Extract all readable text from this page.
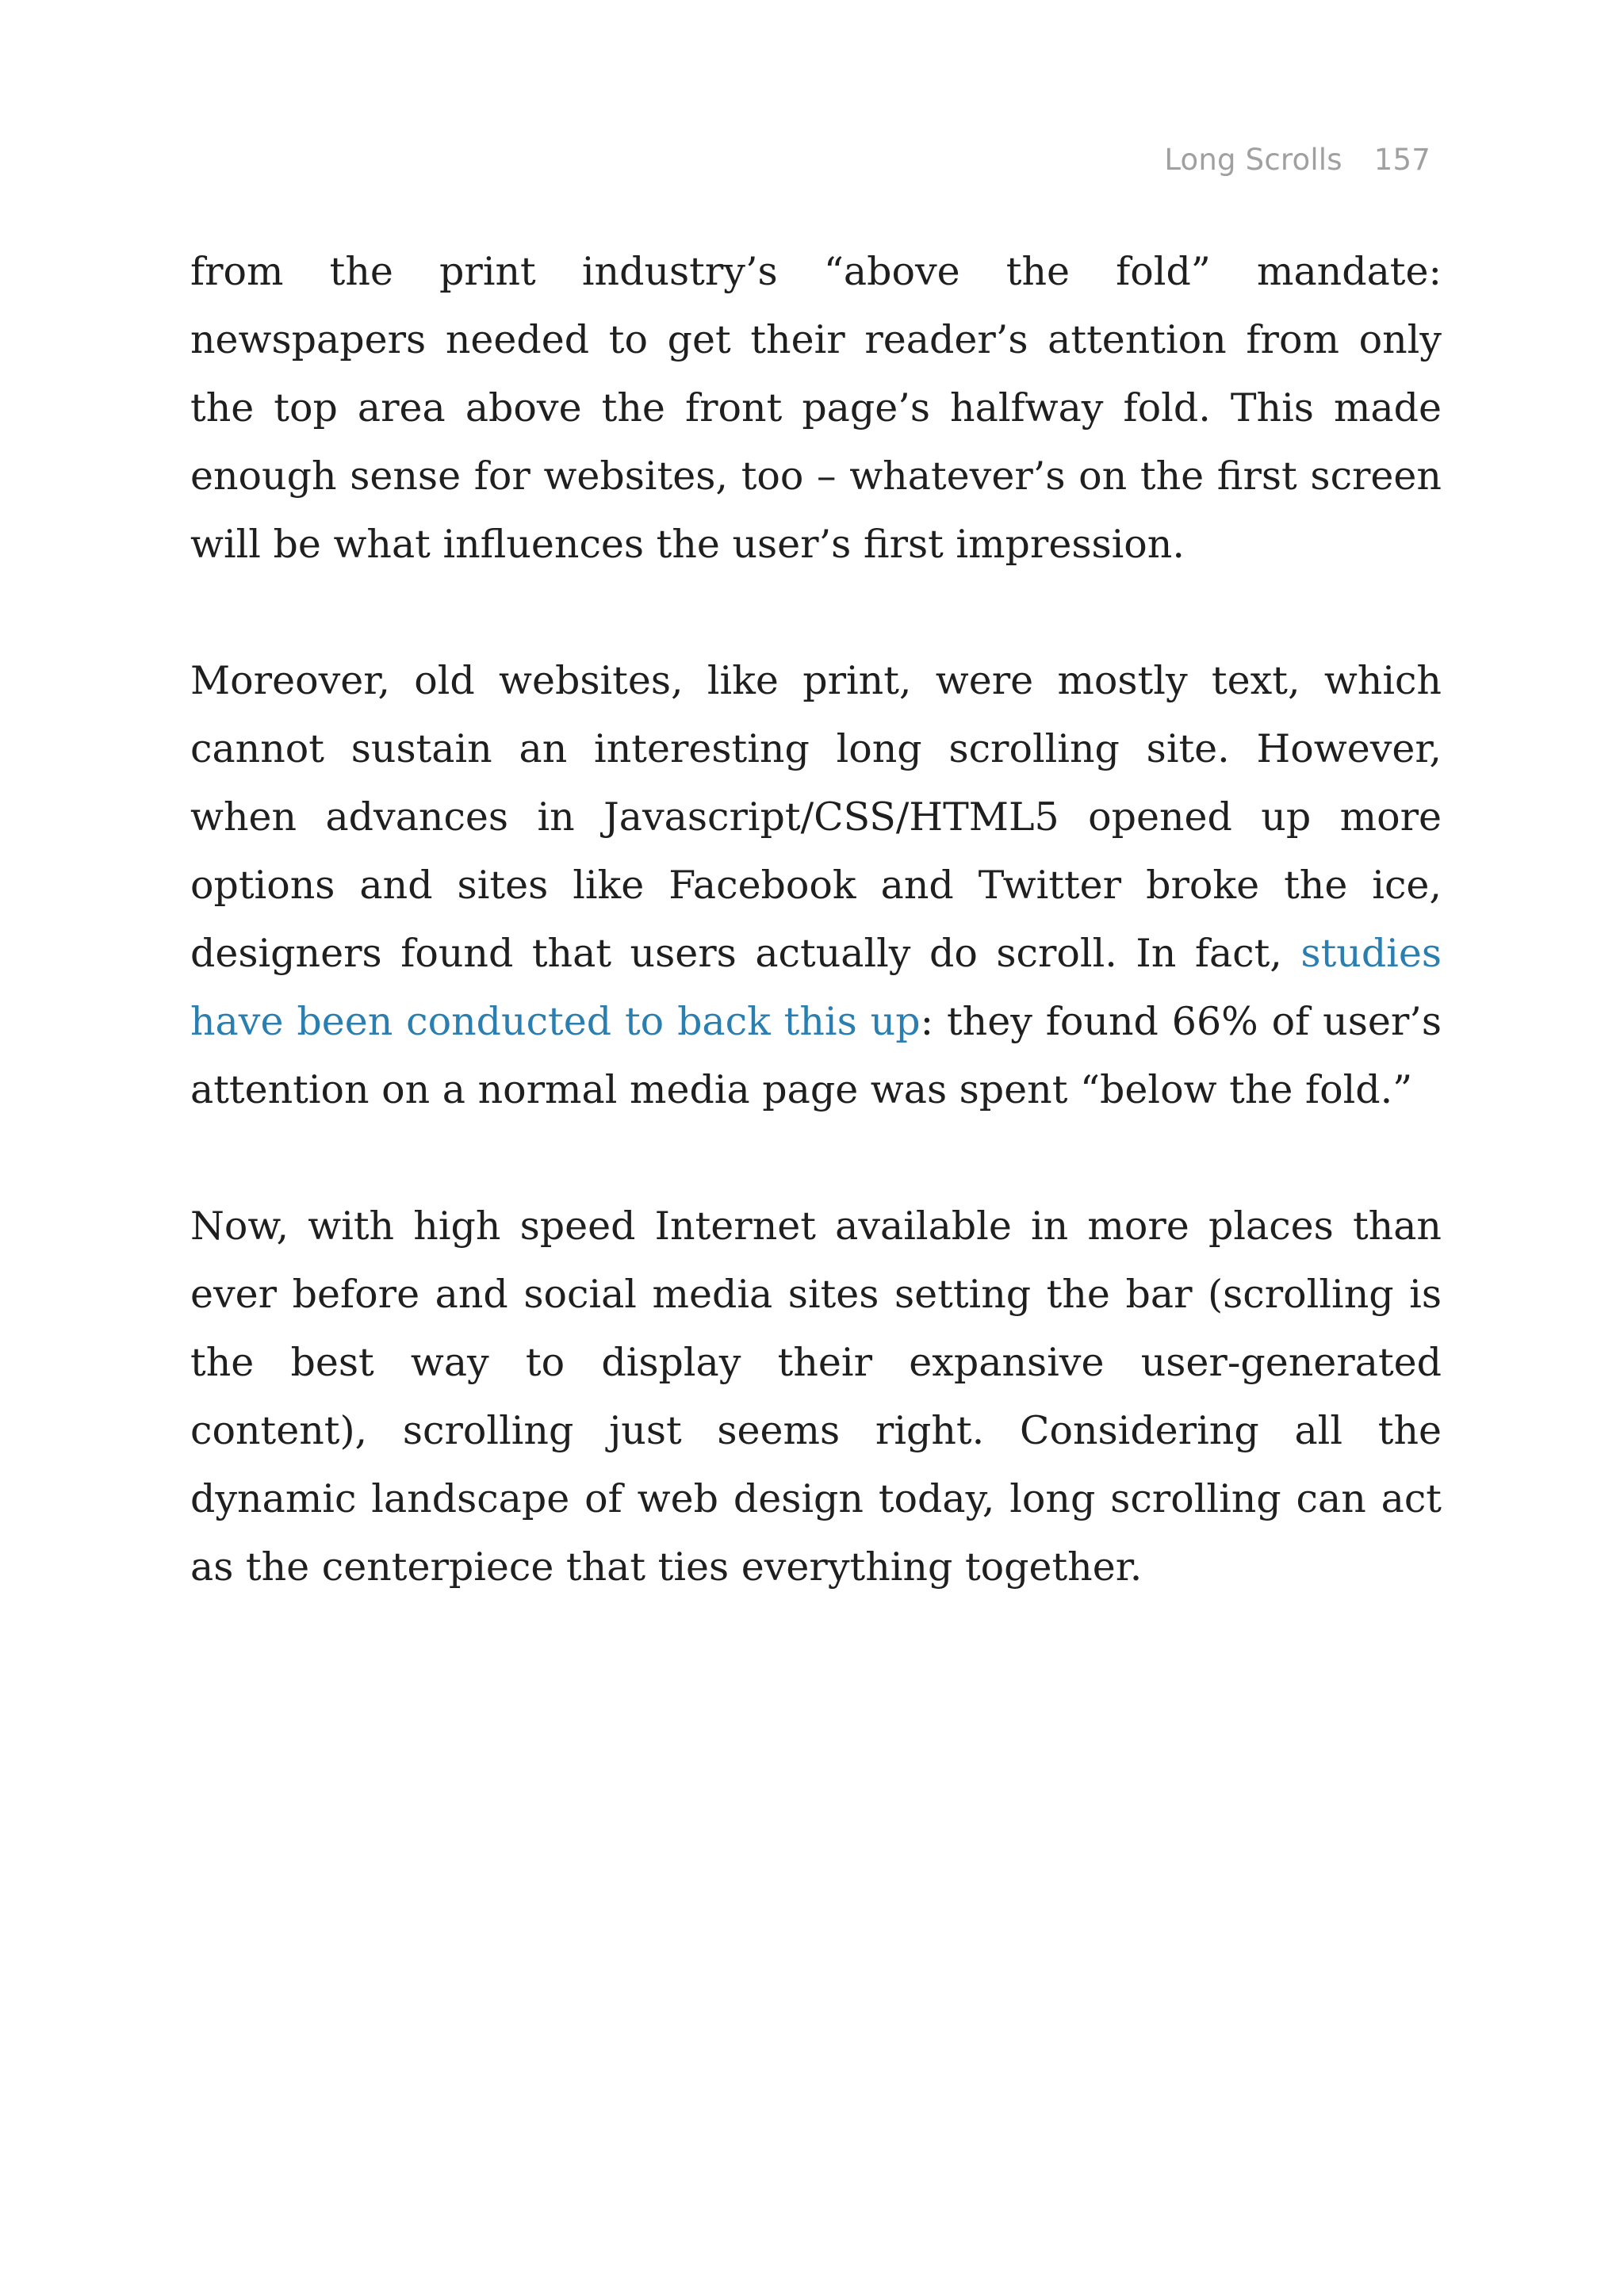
Long Scrolls 157

from the print industry’s “above the fold” mandate: newspapers needed to get their reader’s attention from only the top area above the front page’s halfway fold. This made enough sense for websites, too – whatever’s on the first screen will be what influences the user’s first impression.

Moreover, old websites, like print, were mostly text, which cannot sustain an interesting long scrolling site. However, when advances in Javascript/CSS/HTML5 opened up more options and sites like Facebook and Twitter broke the ice, designers found that users actually do scroll. In fact, studies have been conducted to back this up: they found 66% of user’s attention on a normal media page was spent “below the fold.”

Now, with high speed Internet available in more places than ever before and social media sites setting the bar (scrolling is the best way to display their expansive user-generated content), scrolling just seems right. Considering all the dynamic landscape of web design today, long scrolling can act as the centerpiece that ties everything together.
